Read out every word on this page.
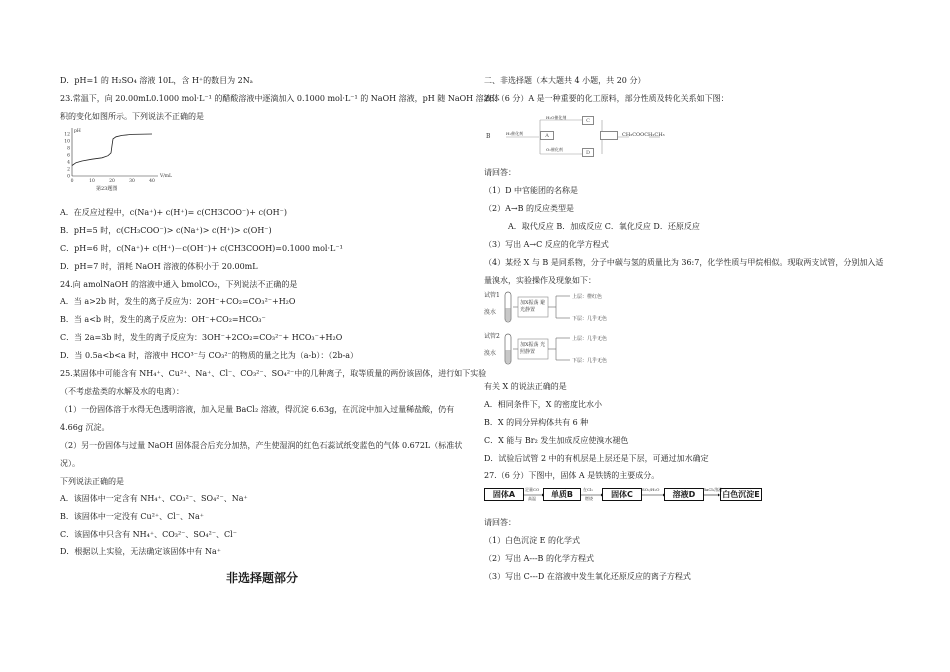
D．pH=1 的 H₂SO₄ 溶液 10L，含 H⁺的数目为 2Nₐ
23.常温下，向 20.00mL0.1000 mol·L⁻¹ 的醋酸溶液中逐滴加入 0.1000 mol·L⁻¹ 的 NaOH 溶液，pH 随 NaOH 溶液体
积的变化如图所示。下列说法不正确的是
0
2
4
6
8
10
12
0	10	20	30	40
pH
V/mL
第23题图
A．在反应过程中，c(Na⁺)+ c(H⁺)= c(CH3COO⁻)+ c(OH⁻)
B．pH=5 时，c(CH₃COO⁻)> c(Na⁺)> c(H⁺)> c(OH⁻)
C．pH=6 时，c(Na⁺)+ c(H⁺)－c(OH⁻)+ c(CH3COOH)=0.1000 mol·L⁻¹
D．pH=7 时，消耗 NaOH 溶液的体积小于 20.00mL
24.向 amolNaOH 的溶液中通入 bmolCO₂，下列说法不正确的是
A．当 a>2b 时，发生的离子反应为：2OH⁻+CO₂=CO₃²⁻+H₂O
B．当 a<b 时，发生的离子反应为：OH⁻+CO₂=HCO₃⁻
C．当 2a=3b 时，发生的离子反应为：3OH⁻+2CO₂=CO₃²⁻+ HCO₃⁻+H₂O
D．当 0.5a<b<a 时，溶液中 HCO³⁻与 CO₃²⁻的物质的量之比为（a-b）：（2b-a）
25.某固体中可能含有 NH₄⁺、Cu²⁺、Na⁺、Cl⁻、CO₃²⁻、SO₄²⁻中的几种离子，取等质量的两份该固体，进行如下实验
（不考虑盐类的水解及水的电离）：
（1）一份固体溶于水得无色透明溶液，加入足量 BaCl₂ 溶液，得沉淀 6.63g，在沉淀中加入过量稀盐酸，仍有
4.66g 沉淀。
（2）另一份固体与过量 NaOH 固体混合后充分加热，产生使湿润的红色石蕊试纸变蓝色的气体 0.672L（标准状
况）。
下列说法正确的是
A．该固体中一定含有 NH₄⁺、CO₃²⁻、SO₄²⁻、Na⁺
B．该固体中一定没有 Cu²⁺、Cl⁻、Na⁺
C．该固体中只含有 NH₄⁺、CO₃²⁻、SO₄²⁻、Cl⁻
D．根据以上实验，无法确定该固体中有 Na⁺
非选择题部分
二、非选择题（本大题共 4 小题，共 20 分）
26.（6 分）A 是一种重要的化工原料，部分性质及转化关系如下图：
B	H₂催化剂	A
H₂O催化剂	C
O₂催化剂	D
CH₃COOCH₂CH₃
请回答：
（1）D 中官能团的名称是
（2）A→B 的反应类型是
A．取代反应 B．加成反应 C．氧化反应 D．还原反应
（3）写出 A→C 反应的化学方程式
（4）某烃 X 与 B 是同系物，分子中碳与氢的质量比为 36:7，化学性质与甲烷相似。现取两支试管，分别加入适
量溴水，实验操作及现象如下：
试管1
溴水
加X振荡 避光静置
上层：橙红色
下层：几乎无色
试管2
溴水
加X振荡 光照静置
上层：几乎无色
下层：几乎无色
有关 X 的说法正确的是
A．相同条件下，X 的密度比水小
B．X 的同分异构体共有 6 种
C．X 能与 Br₂ 发生加成反应使溴水褪色
D．试验后试管 2 中的有机层是上层还是下层，可通过加水确定
27.（6 分）下图中，固体 A 是铁锈的主要成分。
固体A
足量CO
高温	单质B
在Cl₂
燃烧	固体C
SO₂/H₂O
溶液D
BaCl₂溶液
白色沉淀E
请回答：
（1）白色沉淀 E 的化学式
（2）写出 A---B 的化学方程式
（3）写出 C---D 在溶液中发生氧化还原反应的离子方程式
